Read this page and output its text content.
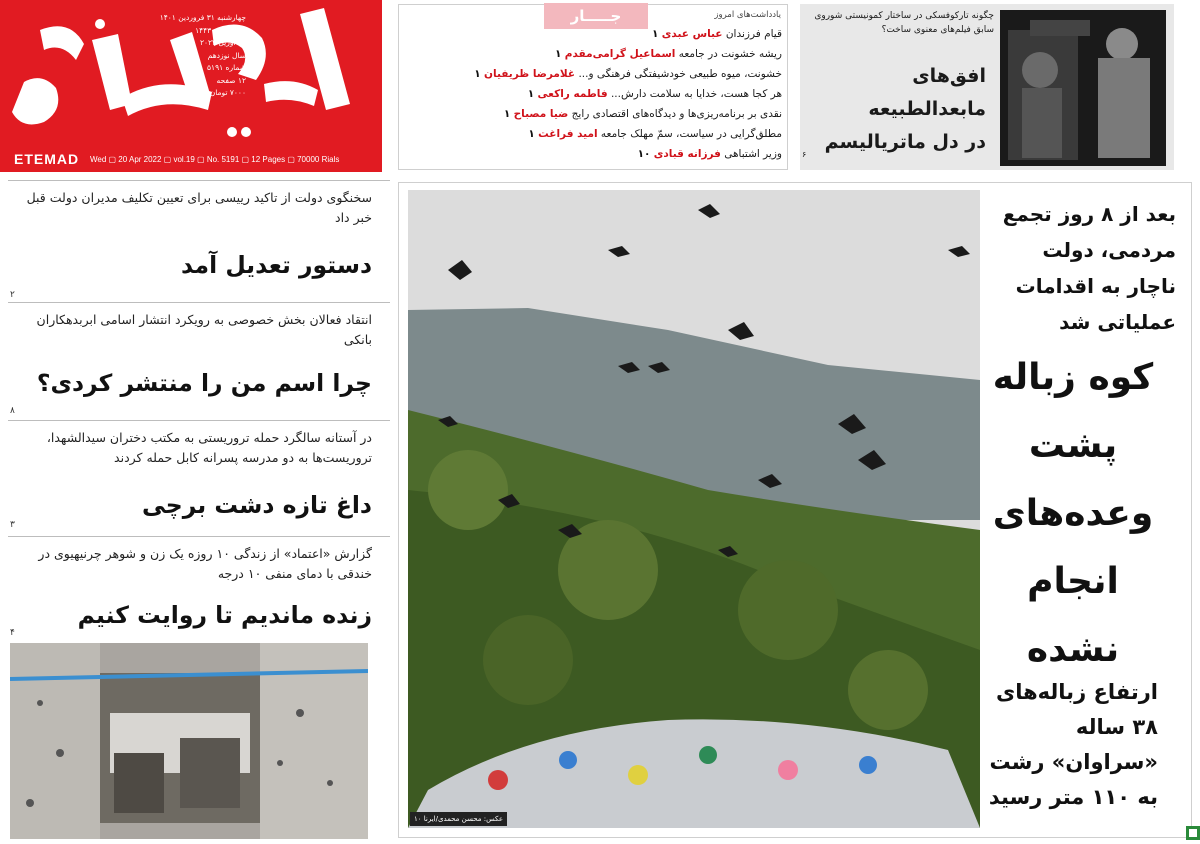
چهارشنبه ۳۱ فروردین ۱۴۰۱
۱۸ رمضان ۱۴۴۳
۲۰ آوریل ۲۰۲۲
سال نوزدهم
شماره ۵۱۹۱
۱۲ صفحه
۷۰۰۰ تومان
ETEMAD Wed ▢ 20 Apr 2022 ▢ vol.19 ▢ No. 5191 ▢ 12 Pages ▢ 70000 Rials
جـــــار	یادداشت‌های امروز
قیام فرزندان عباس عبدی ۱
ریشه خشونت در جامعه اسماعیل گرامی‌مقدم ۱
خشونت، میوه طبیعی خودشیفتگی فرهنگی و... غلامرضا ظریفیان ۱
هر کجا هست، خدایا به سلامت دارش... فاطمه راکعی ۱
نقدی بر برنامه‌ریزی‌ها و دیدگاه‌های اقتصادی رایج ضیا مصباح ۱
مطلق‌گرایی در سیاست، سمّ مهلک جامعه امید فراغت ۱
وزیر اشتباهی فرزانه قبادی ۱۰
چگونه تارکوفسکی در ساختار کمونیستی شوروی سابق فیلم‌های معنوی ساخت؟
افق‌های
مابعدالطبیعه
در دل ماتریالیسم
۶
سخنگوی دولت از تاکید رییسی برای تعیین تکلیف مدیران دولت قبل خبر داد
دستور تعدیل آمد
۲
انتقاد فعالان بخش خصوصی به رویکرد انتشار اسامی ابربدهکاران بانکی
چرا اسم من را منتشر کردی؟
۸
در آستانه سالگرد حمله تروریستی به مکتب دختران سیدالشهدا، تروریست‌ها به دو مدرسه پسرانه کابل حمله کردند
داغ تازه دشت برچی
۳
گزارش «اعتماد» از زندگی ۱۰ روزه یک زن و شوهر چرنیهیوی در خندقی با دمای منفی ۱۰ درجه
زنده ماندیم تا روایت کنیم
۴
عکس: محسن محمدی/ایرنا ۱۰
بعد از ۸ روز تجمع مردمی، دولت ناچار به اقدامات عملیاتی شد
کوه زباله
پشت
وعده‌های
انجام
نشده
ارتفاع زباله‌های ۳۸ ساله «سراوان» رشت به ۱۱۰ متر رسید
